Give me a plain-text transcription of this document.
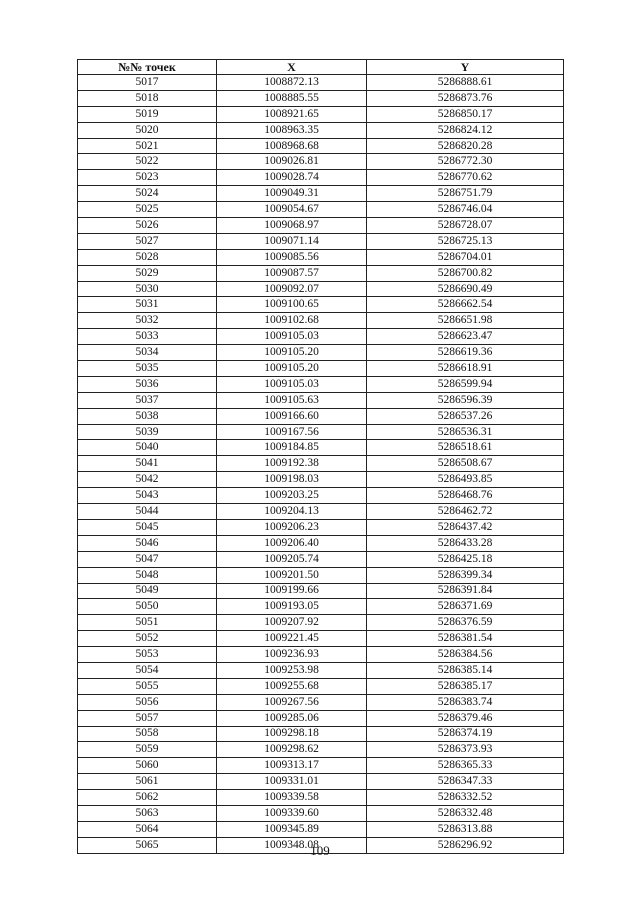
№№ точек	X	Y
5017	1008872.13	5286888.61
5018	1008885.55	5286873.76
5019	1008921.65	5286850.17
5020	1008963.35	5286824.12
5021	1008968.68	5286820.28
5022	1009026.81	5286772.30
5023	1009028.74	5286770.62
5024	1009049.31	5286751.79
5025	1009054.67	5286746.04
5026	1009068.97	5286728.07
5027	1009071.14	5286725.13
5028	1009085.56	5286704.01
5029	1009087.57	5286700.82
5030	1009092.07	5286690.49
5031	1009100.65	5286662.54
5032	1009102.68	5286651.98
5033	1009105.03	5286623.47
5034	1009105.20	5286619.36
5035	1009105.20	5286618.91
5036	1009105.03	5286599.94
5037	1009105.63	5286596.39
5038	1009166.60	5286537.26
5039	1009167.56	5286536.31
5040	1009184.85	5286518.61
5041	1009192.38	5286508.67
5042	1009198.03	5286493.85
5043	1009203.25	5286468.76
5044	1009204.13	5286462.72
5045	1009206.23	5286437.42
5046	1009206.40	5286433.28
5047	1009205.74	5286425.18
5048	1009201.50	5286399.34
5049	1009199.66	5286391.84
5050	1009193.05	5286371.69
5051	1009207.92	5286376.59
5052	1009221.45	5286381.54
5053	1009236.93	5286384.56
5054	1009253.98	5286385.14
5055	1009255.68	5286385.17
5056	1009267.56	5286383.74
5057	1009285.06	5286379.46
5058	1009298.18	5286374.19
5059	1009298.62	5286373.93
5060	1009313.17	5286365.33
5061	1009331.01	5286347.33
5062	1009339.58	5286332.52
5063	1009339.60	5286332.48
5064	1009345.89	5286313.88
5065	1009348.08	5286296.92
109
